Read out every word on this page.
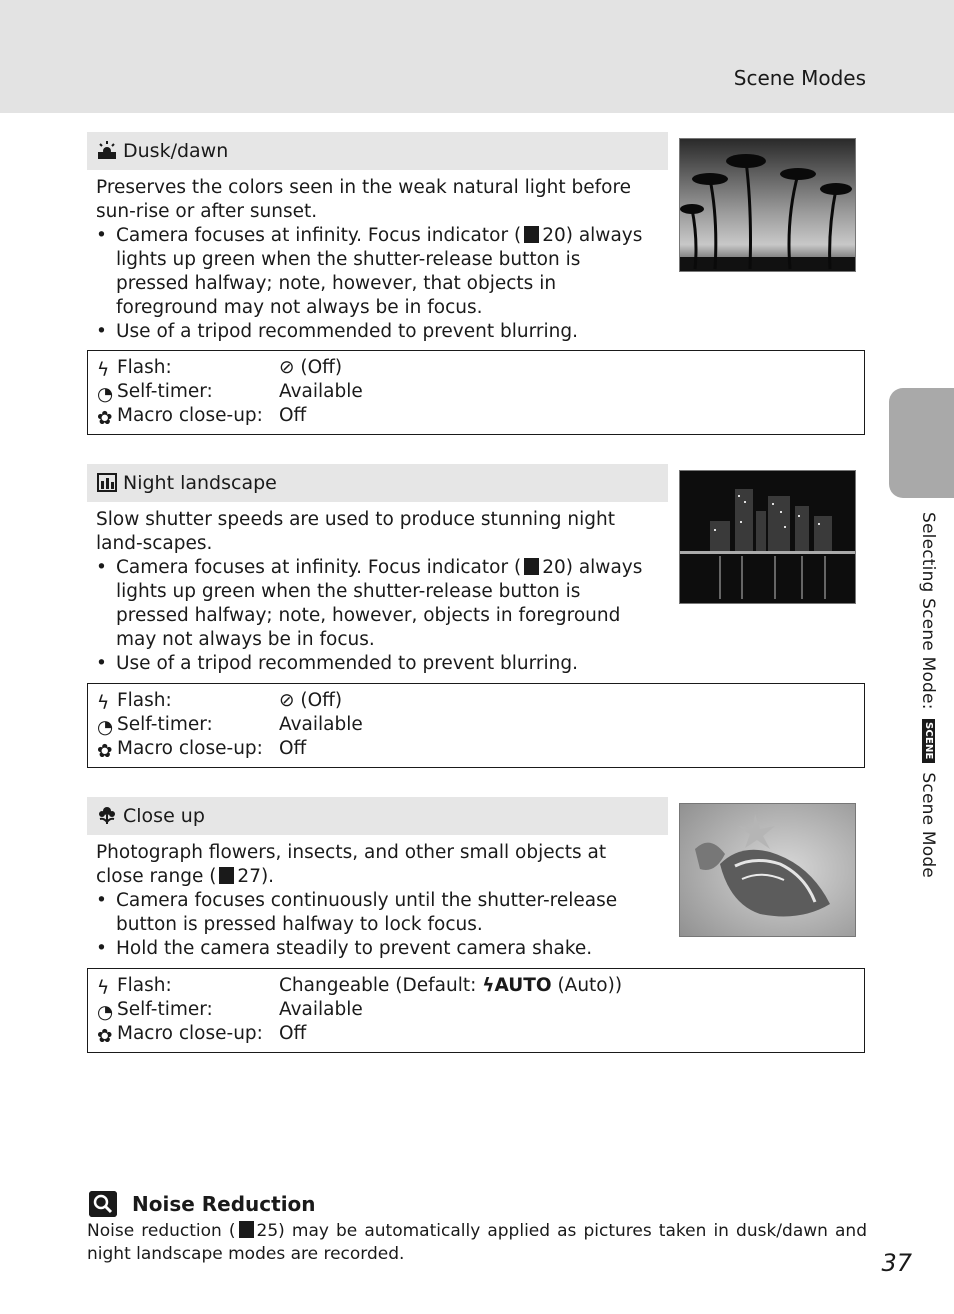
Scene Modes
Selecting Scene Mode: SCENE Scene Mode
Dusk/dawn

Preserves the colors seen in the weak natural light before sun-rise or after sunset.

• Camera focuses at infinity. Focus indicator ( 20) always lights up green when the shutter-release button is pressed halfway; note, however, that objects in foreground may not always be in focus.
• Use of a tripod recommended to prevent blurring.
ϟ Flash:	⊘ (Off)
◔ Self-timer:	Available
✿ Macro close-up: Off
Night landscape

Slow shutter speeds are used to produce stunning night land-scapes.

• Camera focuses at infinity. Focus indicator ( 20) always lights up green when the shutter-release button is pressed halfway; note, however, objects in foreground may not always be in focus.
• Use of a tripod recommended to prevent blurring.
ϟ Flash:	⊘ (Off)
◔ Self-timer:	Available
✿ Macro close-up: Off
Close up

Photograph flowers, insects, and other small objects at close range ( 27).

• Camera focuses continuously until the shutter-release button is pressed halfway to lock focus.
• Hold the camera steadily to prevent camera shake.
ϟ Flash:	Changeable (Default: ϟAUTO (Auto))
◔ Self-timer:	Available
✿ Macro close-up: Off
Noise Reduction
Noise reduction ( 25) may be automatically applied as pictures taken in dusk/dawn and night landscape modes are recorded.	37
